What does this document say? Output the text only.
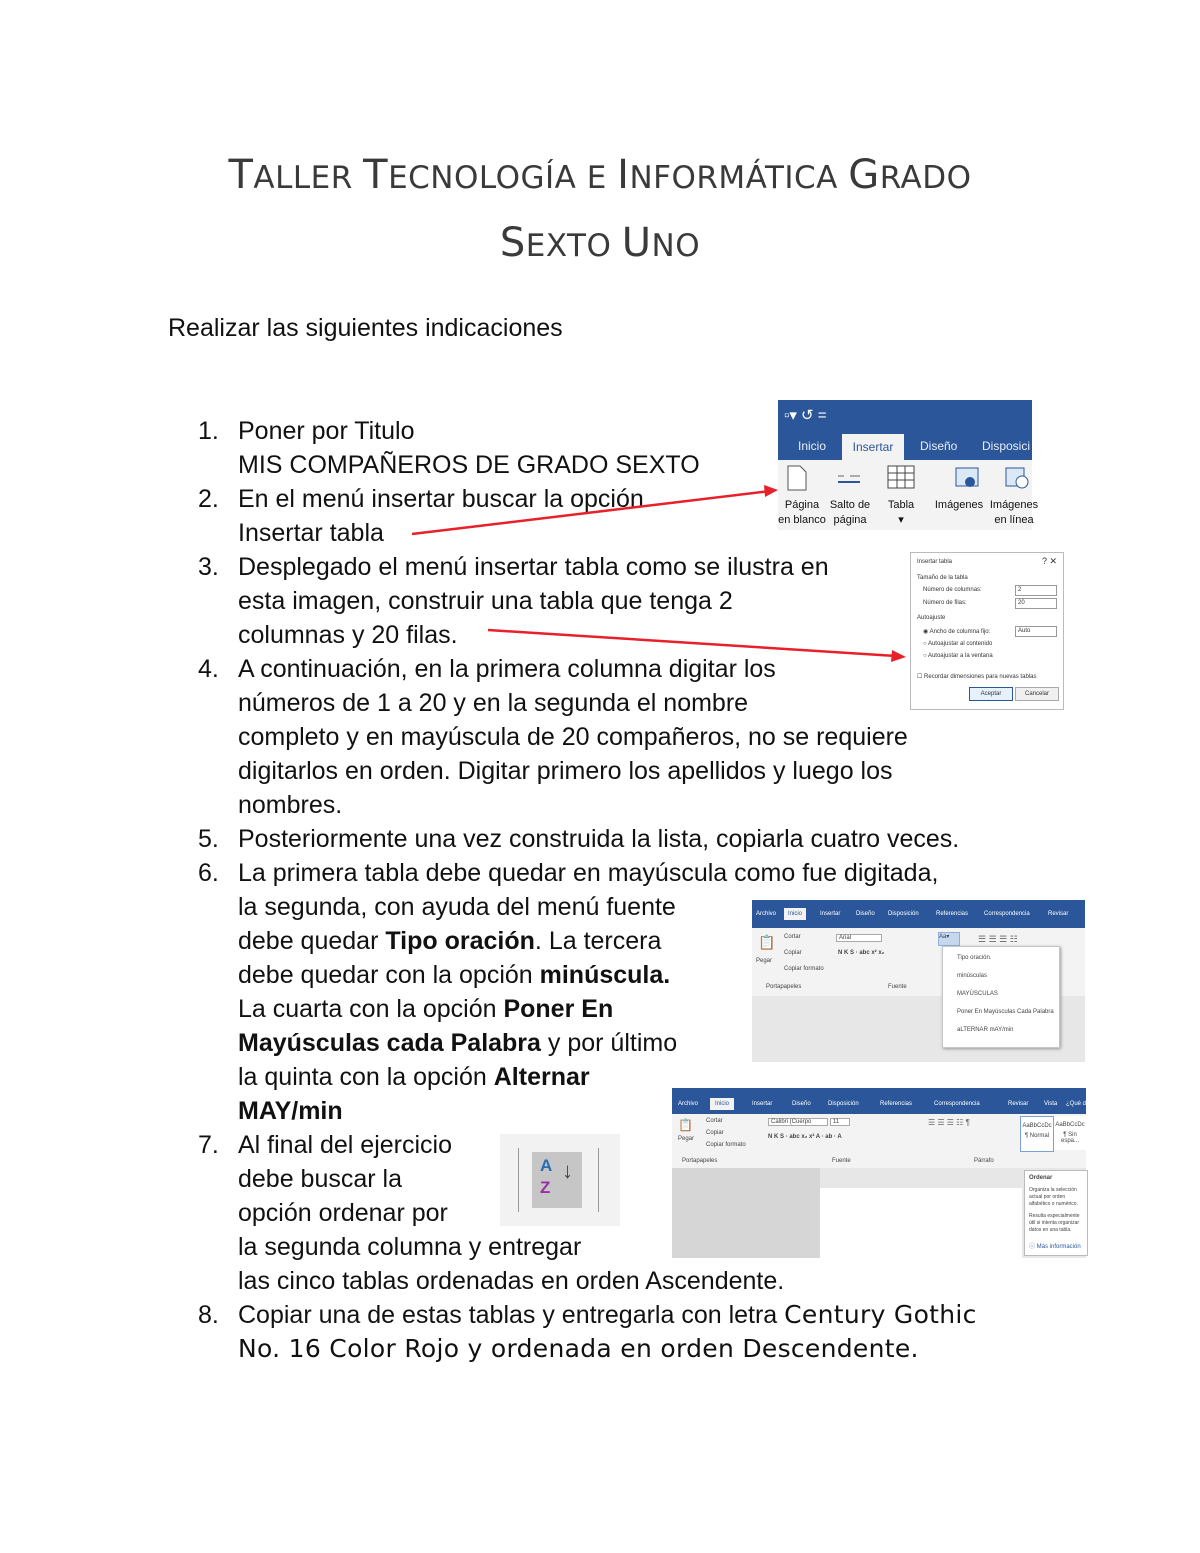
TALLER TECNOLOGÍA E INFORMÁTICA GRADO
SEXTO UNO
Realizar las siguientes indicaciones
1. Poner por Titulo
MIS COMPAÑEROS DE GRADO SEXTO
2. En el menú insertar buscar la opción
Insertar tabla
3. Desplegado el menú insertar tabla como se ilustra en
esta imagen, construir una tabla que tenga 2
columnas y 20 filas.
4. A continuación, en la primera columna digitar los
números de 1 a 20 y en la segunda el nombre
completo y en mayúscula de 20 compañeros, no se requiere
digitarlos en orden. Digitar primero los apellidos y luego los
nombres.
5. Posteriormente una vez construida la lista, copiarla cuatro veces.
6. La primera tabla debe quedar en mayúscula como fue digitada,
la segunda, con ayuda del menú fuente
debe quedar Tipo oración. La tercera
debe quedar con la opción minúscula.
La cuarta con la opción Poner En
Mayúsculas cada Palabra y por último
la quinta con la opción Alternar
MAY/min
7. Al final del ejercicio
debe buscar la
opción ordenar por
la segunda columna y entregar
las cinco tablas ordenadas en orden Ascendente.
8. Copiar una de estas tablas y entregarla con letra Century Gothic
No. 16 Color Rojo y ordenada en orden Descendente.
▫▾ ↺ =
Inicio	Insertar	Diseño Disposici
Página
en blanco
Salto de
página
Tabla
▾
Imágenes Imágenes
en línea
Insertar tabla	? ✕
Tamaño de la tabla
Número de columnas:	2
Número de filas:	20
Autoajuste
◉ Ancho de columna fijo:	Auto
○ Autoajustar al contenido
○ Autoajustar a la ventana
☐ Recordar dimensiones para nuevas tablas
Aceptar	Cancelar
Archivo	Inicio	Insertar	Diseño Disposición	Referencias	Correspondencia	Revisar
📋
Pegar
Cortar
Copiar
Copiar formato
Portapapeles
Arial
N K S · abc x² x₂
Fuente
Aa▾	☰ ☰ ☰ ☷
Tipo oración.
minúsculas
MAYÚSCULAS
Poner En Mayúsculas Cada Palabra
aLTERNAR mAY/min
A
Z
↓
Archivo	Inicio	Insertar	Diseño	Disposición	Referencias	Correspondencia	Revisar	Vista ¿Qué desea hacer?
📋
Pegar
Cortar
Copiar
Copiar formato
Portapapeles
Calibri (Cuerpo	11
N K S · abc x₂ x² A · ab · A
Fuente
☰ ☰ ☰ ☷ ¶
Párrafo
AaBbCcDc
¶ Normal
AaBbCcDc
¶ Sin espa...
Ordenar
Organiza la selección actual por orden alfabético o numérico.
Resulta especialmente útil si intenta organizar datos en una tabla.
ⓘ Más información
